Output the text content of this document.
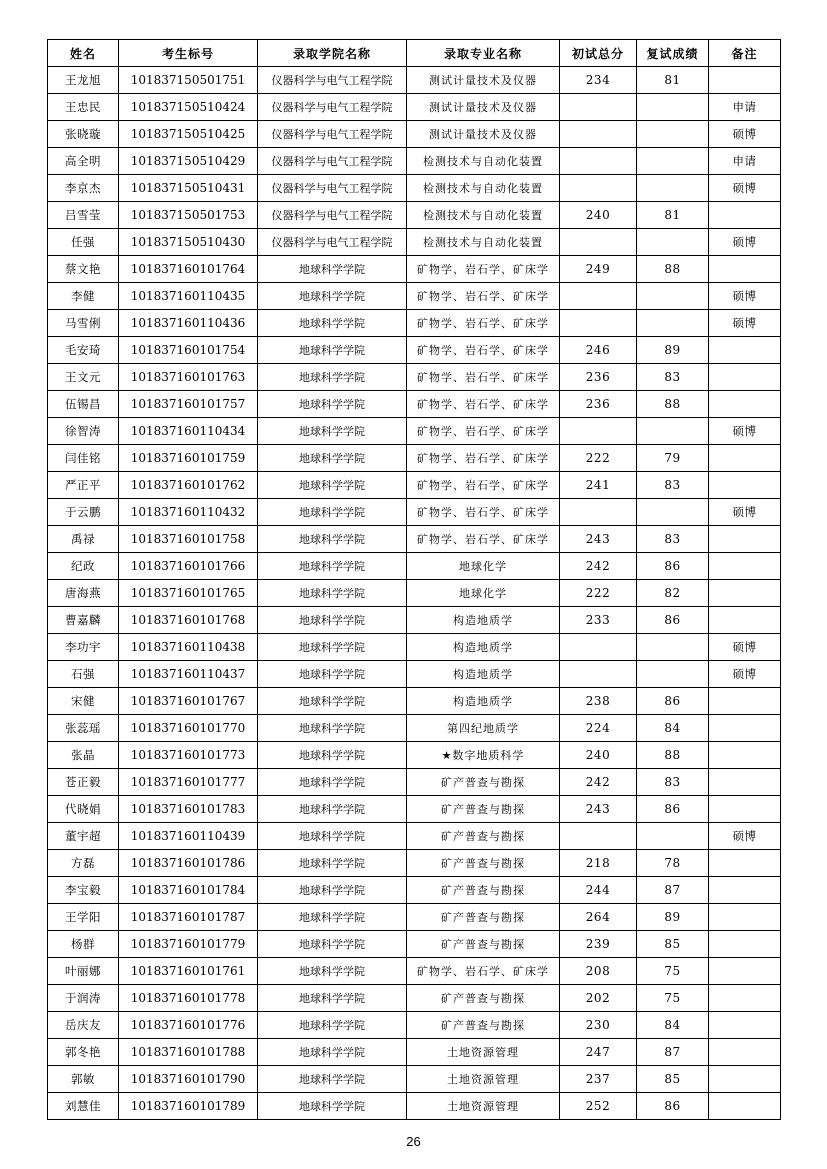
姓名	考生标号	录取学院名称	录取专业名称	初试总分	复试成绩	备注
王龙旭	101837150501751	仪器科学与电气工程学院	测试计量技术及仪器	234	81	
王忠民	101837150510424	仪器科学与电气工程学院	测试计量技术及仪器			申请
张晓璇	101837150510425	仪器科学与电气工程学院	测试计量技术及仪器			硕博
高全明	101837150510429	仪器科学与电气工程学院	检测技术与自动化装置			申请
李京杰	101837150510431	仪器科学与电气工程学院	检测技术与自动化装置			硕博
吕雪莹	101837150501753	仪器科学与电气工程学院	检测技术与自动化装置	240	81	
任强	101837150510430	仪器科学与电气工程学院	检测技术与自动化装置			硕博
蔡文艳	101837160101764	地球科学学院	矿物学、岩石学、矿床学	249	88	
李健	101837160110435	地球科学学院	矿物学、岩石学、矿床学			硕博
马雪俐	101837160110436	地球科学学院	矿物学、岩石学、矿床学			硕博
毛安琦	101837160101754	地球科学学院	矿物学、岩石学、矿床学	246	89	
王文元	101837160101763	地球科学学院	矿物学、岩石学、矿床学	236	83	
伍锡昌	101837160101757	地球科学学院	矿物学、岩石学、矿床学	236	88	
徐智涛	101837160110434	地球科学学院	矿物学、岩石学、矿床学			硕博
闫佳铭	101837160101759	地球科学学院	矿物学、岩石学、矿床学	222	79	
严正平	101837160101762	地球科学学院	矿物学、岩石学、矿床学	241	83	
于云鹏	101837160110432	地球科学学院	矿物学、岩石学、矿床学			硕博
禹禄	101837160101758	地球科学学院	矿物学、岩石学、矿床学	243	83	
纪政	101837160101766	地球科学学院	地球化学	242	86	
唐海燕	101837160101765	地球科学学院	地球化学	222	82	
曹嘉麟	101837160101768	地球科学学院	构造地质学	233	86	
李功宇	101837160110438	地球科学学院	构造地质学			硕博
石强	101837160110437	地球科学学院	构造地质学			硕博
宋健	101837160101767	地球科学学院	构造地质学	238	86	
张蕊瑶	101837160101770	地球科学学院	第四纪地质学	224	84	
张晶	101837160101773	地球科学学院	★数字地质科学	240	88	
苍正毅	101837160101777	地球科学学院	矿产普查与勘探	242	83	
代晓娟	101837160101783	地球科学学院	矿产普查与勘探	243	86	
董宇超	101837160110439	地球科学学院	矿产普查与勘探			硕博
方磊	101837160101786	地球科学学院	矿产普查与勘探	218	78	
李宝毅	101837160101784	地球科学学院	矿产普查与勘探	244	87	
王学阳	101837160101787	地球科学学院	矿产普查与勘探	264	89	
杨群	101837160101779	地球科学学院	矿产普查与勘探	239	85	
叶丽娜	101837160101761	地球科学学院	矿物学、岩石学、矿床学	208	75	
于润涛	101837160101778	地球科学学院	矿产普查与勘探	202	75	
岳庆友	101837160101776	地球科学学院	矿产普查与勘探	230	84	
郭冬艳	101837160101788	地球科学学院	土地资源管理	247	87	
郭敏	101837160101790	地球科学学院	土地资源管理	237	85	
刘慧佳	101837160101789	地球科学学院	土地资源管理	252	86	
26
